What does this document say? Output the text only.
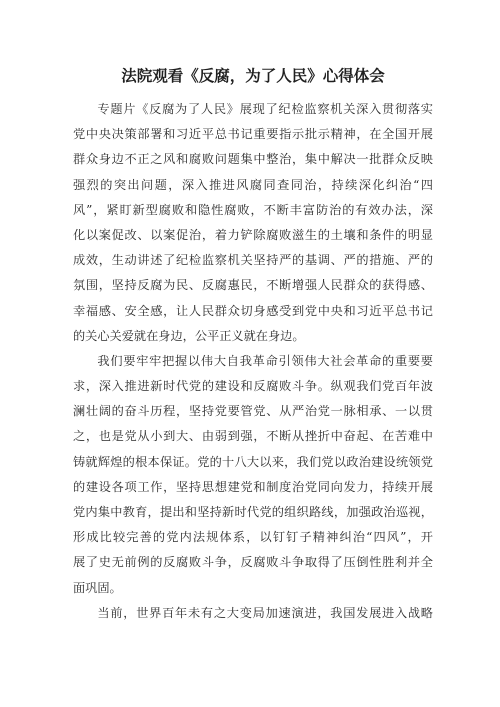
法院观看《反腐，为了人民》心得体会
专题片《反腐为了人民》展现了纪检监察机关深入贯彻落实
党中央决策部署和习近平总书记重要指示批示精神，在全国开展
群众身边不正之风和腐败问题集中整治，集中解决一批群众反映
强烈的突出问题，深入推进风腐同查同治，持续深化纠治“四
风”，紧盯新型腐败和隐性腐败，不断丰富防治的有效办法，深
化以案促改、以案促治，着力铲除腐败滋生的土壤和条件的明显
成效，生动讲述了纪检监察机关坚持严的基调、严的措施、严的
氛围，坚持反腐为民、反腐惠民，不断增强人民群众的获得感、
幸福感、安全感，让人民群众切身感受到党中央和习近平总书记
的关心关爱就在身边，公平正义就在身边。
我们要牢牢把握以伟大自我革命引领伟大社会革命的重要要
求，深入推进新时代党的建设和反腐败斗争。纵观我们党百年波
澜壮阔的奋斗历程，坚持党要管党、从严治党一脉相承、一以贯
之，也是党从小到大、由弱到强，不断从挫折中奋起、在苦难中
铸就辉煌的根本保证。党的十八大以来，我们党以政治建设统领党
的建设各项工作，坚持思想建党和制度治党同向发力，持续开展
党内集中教育，提出和坚持新时代党的组织路线，加强政治巡视，
形成比较完善的党内法规体系，以钉钉子精神纠治“四风”，开
展了史无前例的反腐败斗争，反腐败斗争取得了压倒性胜利并全
面巩固。
当前，世界百年未有之大变局加速演进，我国发展进入战略
